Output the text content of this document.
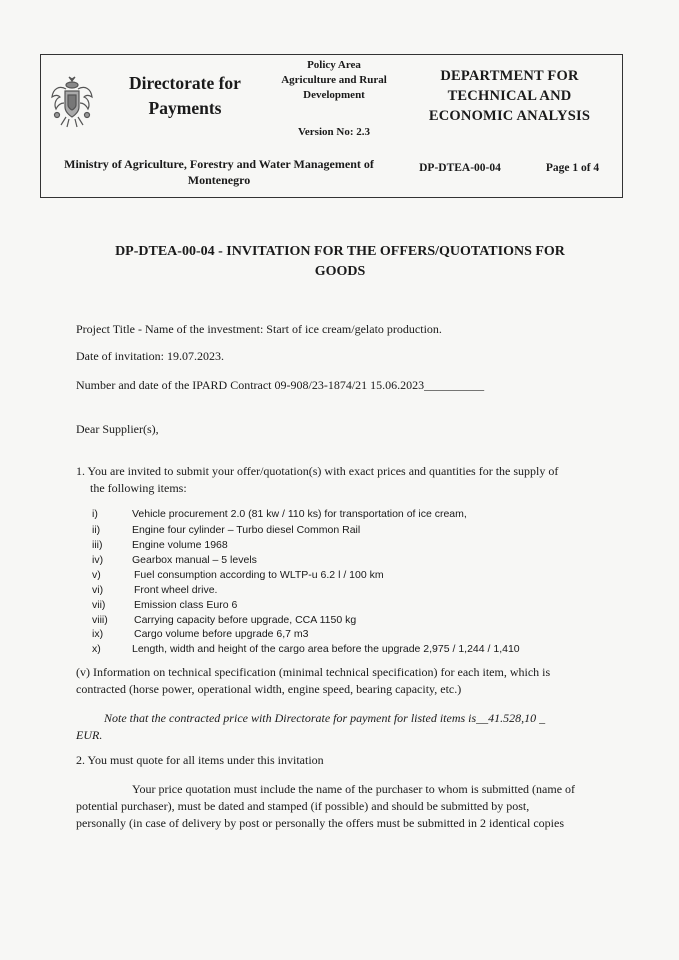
Directorate for
Payments
Policy Area
Agriculture and Rural
Development
Version No: 2.3
DEPARTMENT FOR
TECHNICAL AND
ECONOMIC ANALYSIS
Ministry of Agriculture, Forestry and Water Management of
Montenegro
DP-DTEA-00-04	Page 1 of 4
DP-DTEA-00-04 - INVITATION FOR THE OFFERS/QUOTATIONS FOR
GOODS
Project Title - Name of the investment: Start of ice cream/gelato production.
Date of invitation: 19.07.2023.
Number and date of the IPARD Contract 09-908/23-1874/21 15.06.2023__________
Dear Supplier(s),
1. You are invited to submit your offer/quotation(s) with exact prices and quantities for the supply of
the following items:
i)	Vehicle procurement 2.0 (81 kw / 110 ks) for transportation of ice cream,
ii)	Engine four cylinder – Turbo diesel Common Rail
iii)	Engine volume 1968
iv)	Gearbox manual – 5 levels
v)	Fuel consumption according to WLTP-u 6.2 l / 100 km
vi)	Front wheel drive.
vii)	Emission class Euro 6
viii)	Carrying capacity before upgrade, CCA 1150 kg
ix)	Cargo volume before upgrade 6,7 m3
x)	Length, width and height of the cargo area before the upgrade 2,975 / 1,244 / 1,410
(v) Information on technical specification (minimal technical specification) for each item, which is
contracted (horse power, operational width, engine speed, bearing capacity, etc.)
Note that the contracted price with Directorate for payment for listed items is__41.528,10 _
EUR.
2. You must quote for all items under this invitation
Your price quotation must include the name of the purchaser to whom is submitted (name of
potential purchaser), must be dated and stamped (if possible) and should be submitted by post,
personally (in case of delivery by post or personally the offers must be submitted in 2 identical copies
